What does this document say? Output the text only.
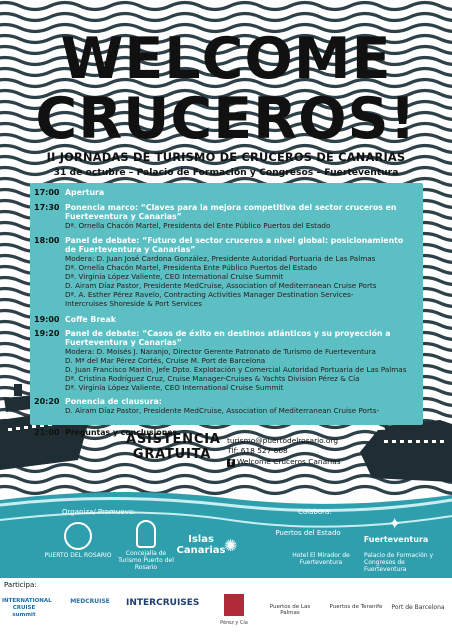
WELCOME
CRUCEROS!
II JORNADAS DE TURISMO DE CRUCEROS DE CANARIAS
31 de octubre – Palacio de Formación y Congresos – Fuerteventura
17:00 Apertura
17:30 Ponencia marco: “Claves para la mejora competitiva del sector cruceros en
Fuerteventura y Canarias”
Dª. Ornella Chacón Martel, Presidenta del Ente Público Puertos del Estado
18:00 Panel de debate: “Futuro del sector cruceros a nivel global: posicionamiento
de Fuerteventura y Canarias”
Modera: D. Juan José Cardona González, Presidente Autoridad Portuaria de Las Palmas
Dª. Ornella Chacón Martel, Presidenta Ente Público Puertos del Estado
Dª. Virginia López Valiente, CEO International Cruise Summit
D. Airam Díaz Pastor, Presidente MedCruise, Association of Mediterranean Cruise Ports
Dª. A. Esther Pérez Ravelo, Contracting Activities Manager Destination Services-
Intercruises Shoreside & Port Services
19:00 Coffe Break
19:20 Panel de debate: “Casos de éxito en destinos atlánticos y su proyección a
Fuerteventura y Canarias”
Modera: D. Moisés J. Naranjo, Director Gerente Patronato de Turismo de Fuerteventura
D. Mª del Mar Pérez Cortés, Cruise M. Port de Barcelona
D. Juan Francisco Martín, Jefe Dpto. Explotación y Comercial Autoridad Portuaria de Las Palmas
Dª. Cristina Rodríguez Cruz, Cruise Manager-Cruises & Yachts Division Pérez & Cía
Dª. Virginia López Valiente, CEO International Cruise Summit
20:20 Ponencia de clausura:
D. Airam Díaz Pastor, Presidente MedCruise, Association of Mediterranean Cruise Ports-
21:00 Preguntas y conclusiones
ASISTENCIA
GRATUITA
turismo@puertodelrosario.org
Tlf: 618 527 668
f Welcome Cruceros Canarias
Organiza/ Promueve:	Colabora:
Participa:
PUERTO DEL ROSARIO	Concejalía de Turismo Puerto del Rosario
Islas Canarias
✺
Puertos del Estado
Fuerteventura
✦
Hotel El Mirador de Fuerteventura
Palacio de Formación y Congresos de Fuerteventura
INTERNATIONAL CRUISE summit
MEDCRUISE	INTERCRUISES
Pérez y Cía
Puertos de Las Palmas
Puertos de Tenerife	Port de Barcelona
